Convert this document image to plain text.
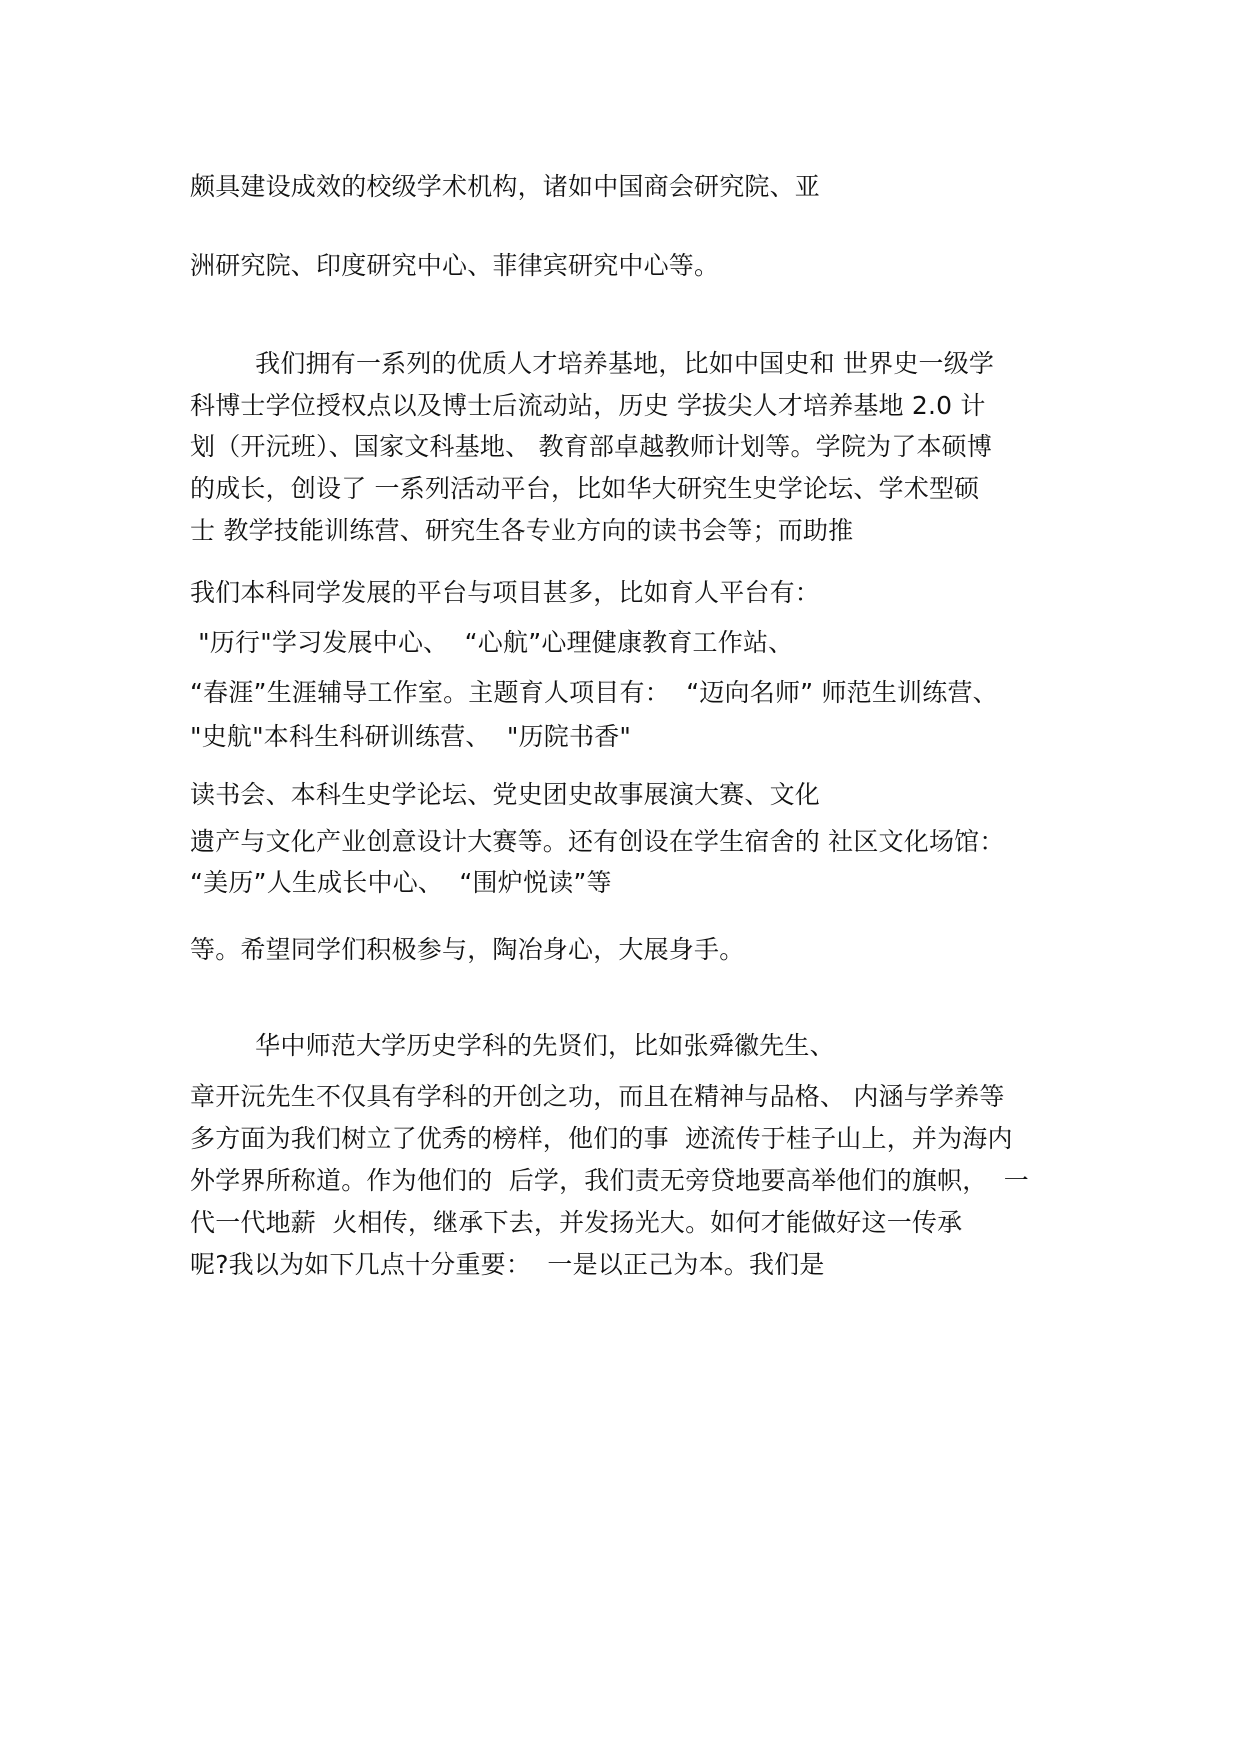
颇具建设成效的校级学术机构，诸如中国商会研究院、亚
洲研究院、印度研究中心、菲律宾研究中心等。
我们拥有一系列的优质人才培养基地，比如中国史和 世界史一级学
科博士学位授权点以及博士后流动站，历史 学拔尖人才培养基地 2.0 计
划（开沅班）、国家文科基地、 教育部卓越教师计划等。学院为了本硕博
的成长，创设了 一系列活动平台，比如华大研究生史学论坛、学术型硕
士 教学技能训练营、研究生各专业方向的读书会等；而助推
我们本科同学发展的平台与项目甚多，比如育人平台有：
"历行"学习发展中心、  “心航”心理健康教育工作站、
“春涯”生涯辅导工作室。主题育人项目有：  “迈向名师” 师范生训练营、
"史航"本科生科研训练营、  "历院书香"
读书会、本科生史学论坛、党史团史故事展演大赛、文化
遗产与文化产业创意设计大赛等。还有创设在学生宿舍的 社区文化场馆：
“美历”人生成长中心、  “围炉悦读”等
等。希望同学们积极参与，陶冶身心，大展身手。
华中师范大学历史学科的先贤们，比如张舜徽先生、
章开沅先生不仅具有学科的开创之功，而且在精神与品格、 内涵与学养等
多方面为我们树立了优秀的榜样，他们的事  迹流传于桂子山上，并为海内
外学界所称道。作为他们的  后学，我们责无旁贷地要高举他们的旗帜，  一
代一代地薪  火相传，继承下去，并发扬光大。如何才能做好这一传承
呢?我以为如下几点十分重要：  一是以正己为本。我们是
